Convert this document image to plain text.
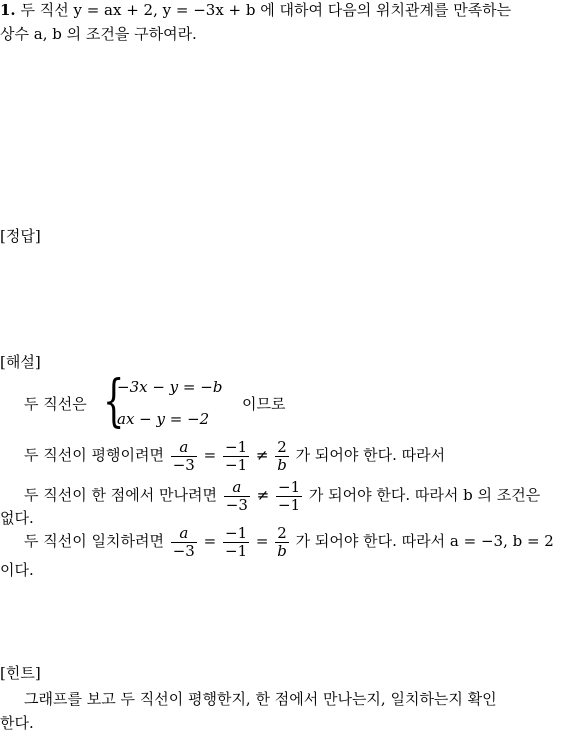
1. 두 직선 y = ax + 2, y = −3x + b 에 대하여 다음의 위치관계를 만족하는
상수 a, b 의 조건을 구하여라.
[정답]
[해설]
두 직선은 {
−3x − y = −b
ax − y = −2
이므로
두 직선이 평행이려면 $\frac{a}{-3} = \frac{-1}{-1} \ne \frac{2}{b}$ 가 되어야 한다. 따라서
두 직선이 한 점에서 만나려면 $\frac{a}{-3} \ne \frac{-1}{-1}$ 가 되어야 한다. 따라서 b 의 조건은
없다.
두 직선이 일치하려면 $\frac{a}{-3} = \frac{-1}{-1} = \frac{2}{b}$ 가 되어야 한다. 따라서 a = −3, b = 2
이다.
[힌트]
그래프를 보고 두 직선이 평행한지, 한 점에서 만나는지, 일치하는지 확인
한다.
